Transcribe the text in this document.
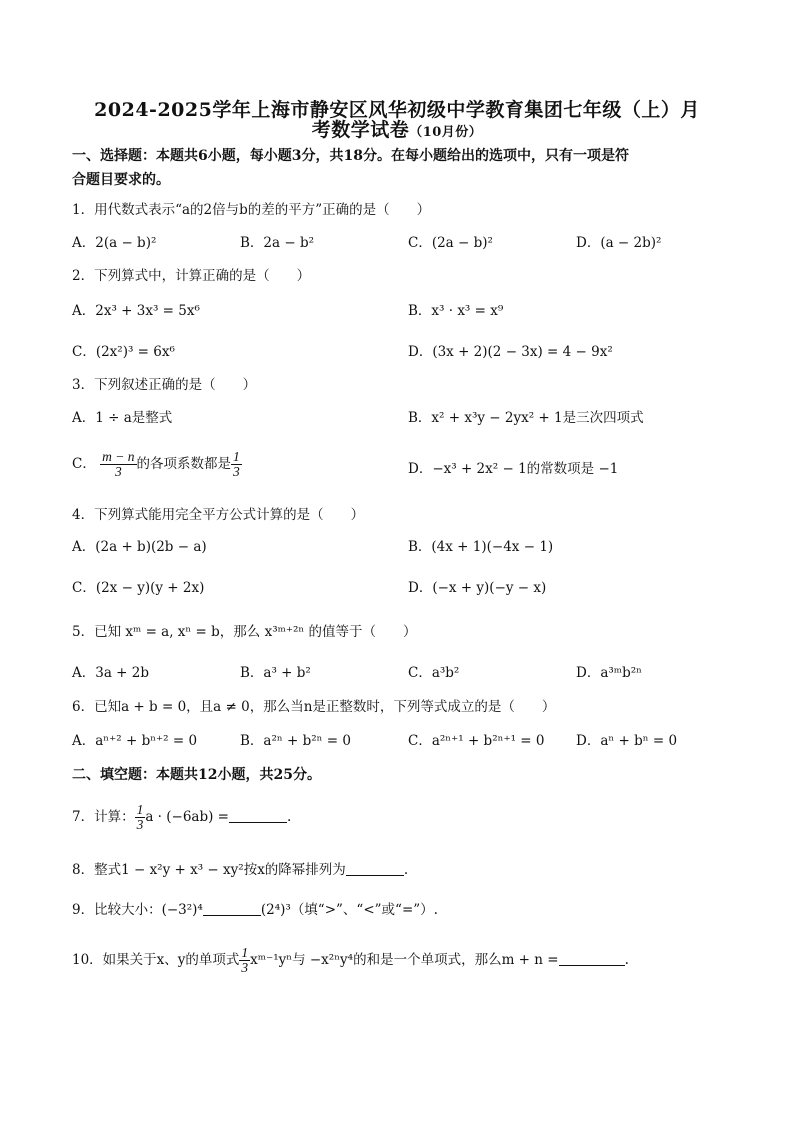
2024-2025学年上海市静安区风华初级中学教育集团七年级（上）月
考数学试卷（10月份）
一、选择题：本题共6小题，每小题3分，共18分。在每小题给出的选项中，只有一项是符
合题目要求的。
1．用代数式表示“a的2倍与b的差的平方”正确的是（　　）
A．2(a − b)²	B．2a − b²	C．(2a − b)²	D．(a − 2b)²
2．下列算式中，计算正确的是（　　）
A．2x³ + 3x³ = 5x⁶	B．x³ · x³ = x⁹
C．(2x²)³ = 6x⁶	D．(3x + 2)(2 − 3x) = 4 − 9x²
3．下列叙述正确的是（　　）
A．1 ÷ a是整式	B．x² + x³y − 2yx² + 1是三次四项式
C． $\frac{m - n}{3}$ 的各项系数都是 $\frac{1}{3}$	D．−x³ + 2x² − 1的常数项是 −1
4．下列算式能用完全平方公式计算的是（　　）
A．(2a + b)(2b − a)	B．(4x + 1)(−4x − 1)
C．(2x − y)(y + 2x)	D．(−x + y)(−y − x)
5．已知 xᵐ = a, xⁿ = b，那么 x³ᵐ⁺²ⁿ 的值等于（　　）
A．3a + 2b	B．a³ + b²	C．a³b²	D．a³ᵐb²ⁿ
6．已知a + b = 0，且a ≠ 0，那么当n是正整数时，下列等式成立的是（　　）
A．aⁿ⁺² + bⁿ⁺² = 0	B．a²ⁿ + b²ⁿ = 0	C．a²ⁿ⁺¹ + b²ⁿ⁺¹ = 0 D．aⁿ + bⁿ = 0
二、填空题：本题共12小题，共25分。
7．计算： $\frac{1}{3}$ a · (−6ab) =	.
8．整式1 − x²y + x³ − xy²按x的降幂排列为	.
9．比较大小：(−3²)⁴	(2⁴)³（填“>”、“<”或“=”）.
10．如果关于x、y的单项式 $\frac{1}{3}$ xᵐ⁻¹yⁿ与 −x²ⁿy⁴的和是一个单项式，那么m + n =	.
